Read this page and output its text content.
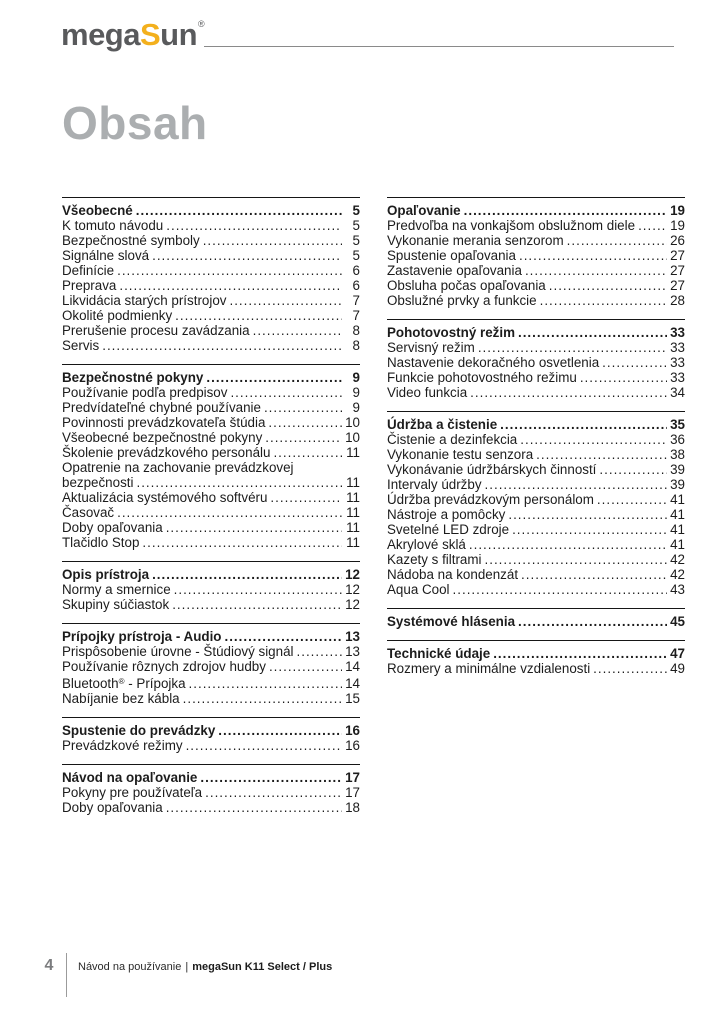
megaSun®
Obsah
Všeobecné .....	5
K tomuto návodu .....	5
Bezpečnostné symboly .....	5
Signálne slová .....	5
Definície .....	6
Preprava .....	6
Likvidácia starých prístrojov .....	7
Okolité podmienky .....	7
Prerušenie procesu zavádzania .....	8
Servis .....	8
Bezpečnostné pokyny .....	9
Používanie podľa predpisov .....	9
Predvídateľné chybné používanie .....	9
Povinnosti prevádzkovateľa štúdia .....	10
Všeobecné bezpečnostné pokyny .....	10
Školenie prevádzkového personálu .....	11
Opatrenie na zachovanie prevádzkovej
bezpečnosti .....	11
Aktualizácia systémového softvéru .....	11
Časovač .....	11
Doby opaľovania .....	11
Tlačidlo Stop .....	11
Opis prístroja .....	12
Normy a smernice .....	12
Skupiny súčiastok .....	12
Prípojky prístroja - Audio .....	13
Prispôsobenie úrovne - Štúdiový signál .....	13
Používanie rôznych zdrojov hudby .....	14
Bluetooth® - Prípojka .....	14
Nabíjanie bez kábla .....	15
Spustenie do prevádzky .....	16
Prevádzkové režimy .....	16
Návod na opaľovanie .....	17
Pokyny pre používateľa .....	17
Doby opaľovania .....	18
Opaľovanie .....	19
Predvoľba na vonkajšom obslužnom diele .....	19
Vykonanie merania senzorom .....	26
Spustenie opaľovania .....	27
Zastavenie opaľovania .....	27
Obsluha počas opaľovania .....	27
Obslužné prvky a funkcie .....	28
Pohotovostný režim .....	33
Servisný režim .....	33
Nastavenie dekoračného osvetlenia .....	33
Funkcie pohotovostného režimu .....	33
Video funkcia .....	34
Údržba a čistenie .....	35
Čistenie a dezinfekcia .....	36
Vykonanie testu senzora .....	38
Vykonávanie údržbárskych činností .....	39
Intervaly údržby .....	39
Údržba prevádzkovým personálom .....	41
Nástroje a pomôcky .....	41
Svetelné LED zdroje .....	41
Akrylové sklá .....	41
Kazety s filtrami .....	42
Nádoba na kondenzát .....	42
Aqua Cool .....	43
Systémové hlásenia .....	45
Technické údaje .....	47
Rozmery a minimálne vzdialenosti .....	49
4	Návod na používanie | megaSun K11 Select / Plus
